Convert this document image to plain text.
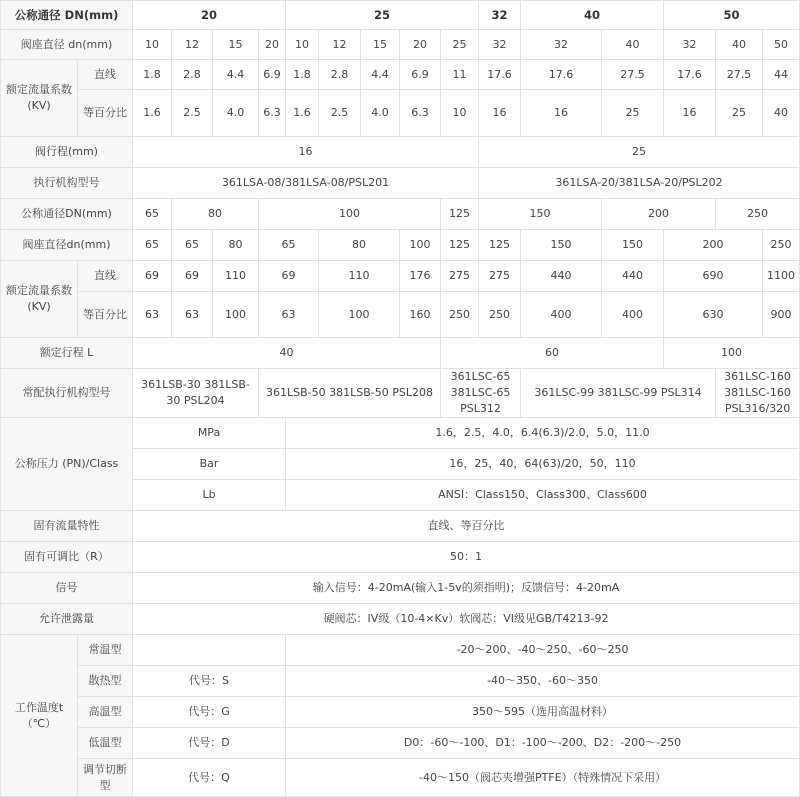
公称通径 DN(mm)		20				25					32	40		50		
阀座直径 dn(mm)		10	12	15	20	10	12	15	20	25	32	32	40	32	40	50
额定流量系数(KV)	直线	1.8	2.8	4.4	6.9	1.8	2.8	4.4	6.9	11	17.6	17.6	27.5	17.6	27.5	44
	等百分比	1.6	2.5	4.0	6.3	1.6	2.5	4.0	6.3	10	16	16	25	16	25	40
阀行程(mm)		16									25					
执行机构型号		361LSA-08/381LSA-08/PSL201									361LSA-20/381LSA-20/PSL202					
公称通径DN(mm)		65	80		100					125	150		200		250	
阀座直径dn(mm)		65	65	80	65		80		100	125	125	150	150	200		250
额定流量系数(KV)	直线	69	69	110	69		110		176	275	275	440	440	690		1100
	等百分比	63	63	100	63		100		160	250	250	400	400	630		900
额定行程 L		40								60				100		
常配执行机构型号		361LSB-30 381LSB-30 PSL204			361LSB-50 381LSB-50 PSL208					361LSC-65 381LSC-65 PSL312		361LSC-99 381LSC-99 PSL314			361LSC-160 381LSC-160 PSL316/320	
公称压力 (PN)/Class		MPa				1.6，2.5，4.0，6.4(6.3)/2.0，5.0，11.0										
		Bar				16，25，40，64(63)/20，50，110										
		Lb				ANSI：Class150、Class300、Class600										
固有流量特性		直线、等百分比														
固有可调比（R）		50：1														
信号		输入信号：4-20mA(输入1-5v的须指明)；反馈信号：4-20mA														
允许泄露量		硬阀芯：IV级（10-4×Kv）软阀芯：VI级见GB/T4213-92														
工作温度t（℃）	常温型					-20～200、-40～250、-60～250										
	散热型	代号：S				-40～350、-60～350										
	高温型	代号：G				350～595（选用高温材料）										
	低温型	代号：D				D0：-60～-100、D1：-100～-200、D2：-200～-250										
	调节切断型	代号：Q				-40～150（阀芯夹增强PTFE）（特殊情况下采用）										
